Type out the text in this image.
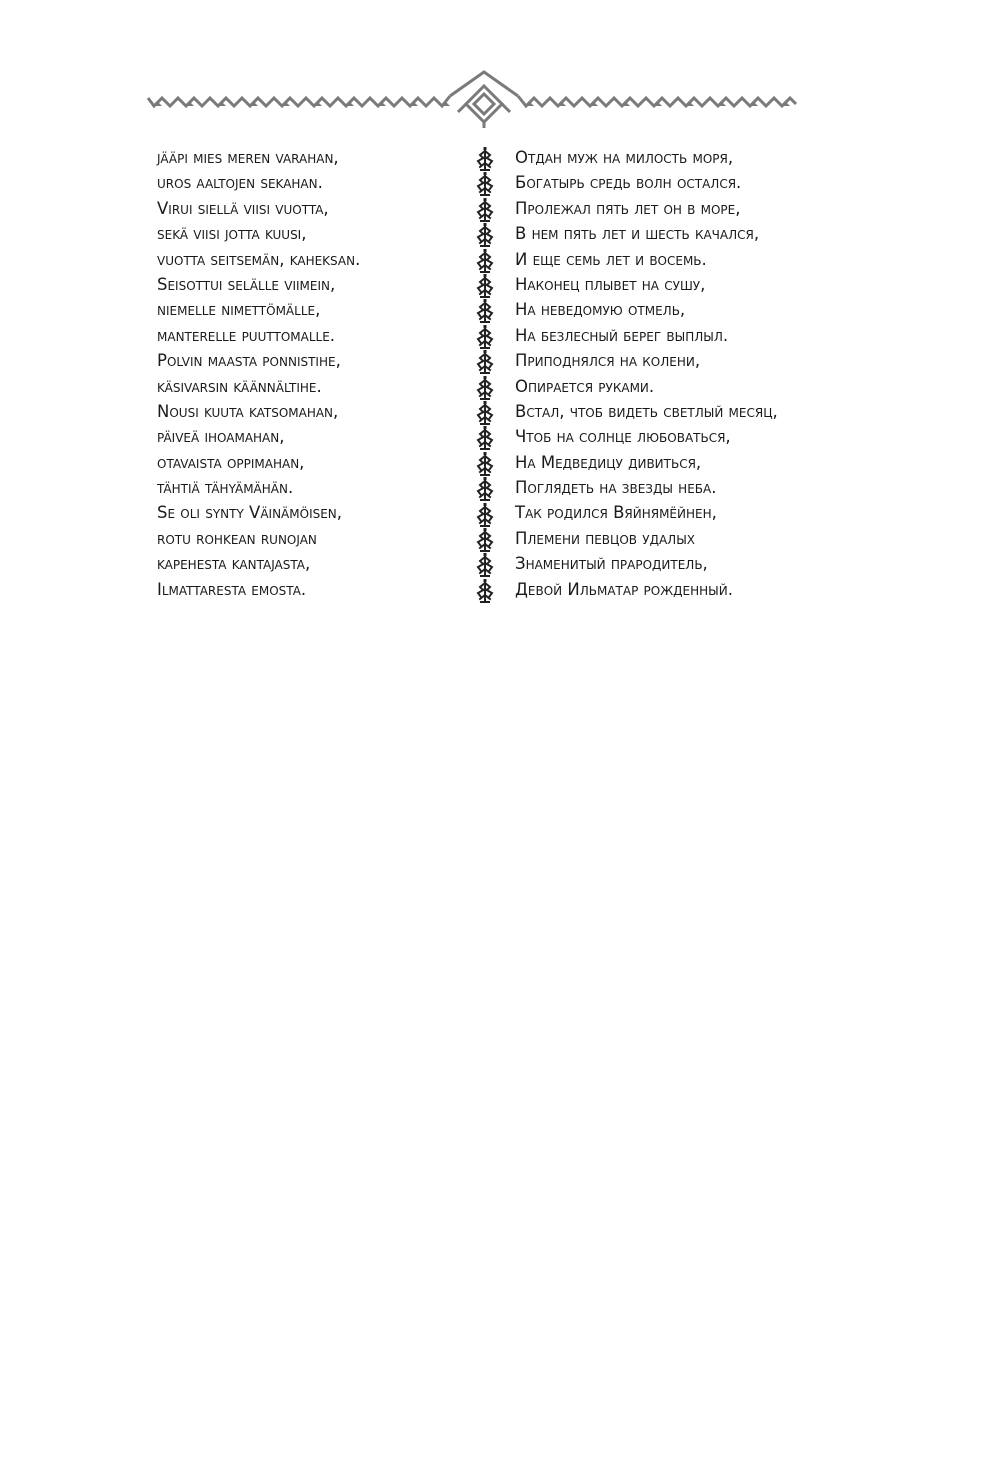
jääpi mies meren varahan,
uros aaltojen sekahan.
Virui siellä viisi vuotta,
sekä viisi jotta kuusi,
vuotta seitsemän, kaheksan.
Seisottui selälle viimein,
niemelle nimettömälle,
manterelle puuttomalle.
Polvin maasta ponnistihe,
käsivarsin käännältihe.
Nousi kuuta katsomahan,
päiveä ihoamahan,
otavaista oppimahan,
tähtiä tähyämähän.
Se oli synty Väinämöisen,
rotu rohkean runojan
kapehesta kantajasta,
Ilmattaresta emosta.
Отдан муж на милость моря,
Богатырь средь волн остался.
Пролежал пять лет он в море,
В нем пять лет и шесть качался,
И еще семь лет и восемь.
Наконец плывет на сушу,
На неведомую отмель,
На безлесный берег выплыл.
Приподнялся на колени,
Опирается руками.
Встал, чтоб видеть светлый месяц,
Чтоб на солнце любоваться,
На Медведицу дивиться,
Поглядеть на звезды неба.
Так родился Вяйнямёйнен,
Племени певцов удалых
Знаменитый прародитель,
Девой Ильматар рожденный.
